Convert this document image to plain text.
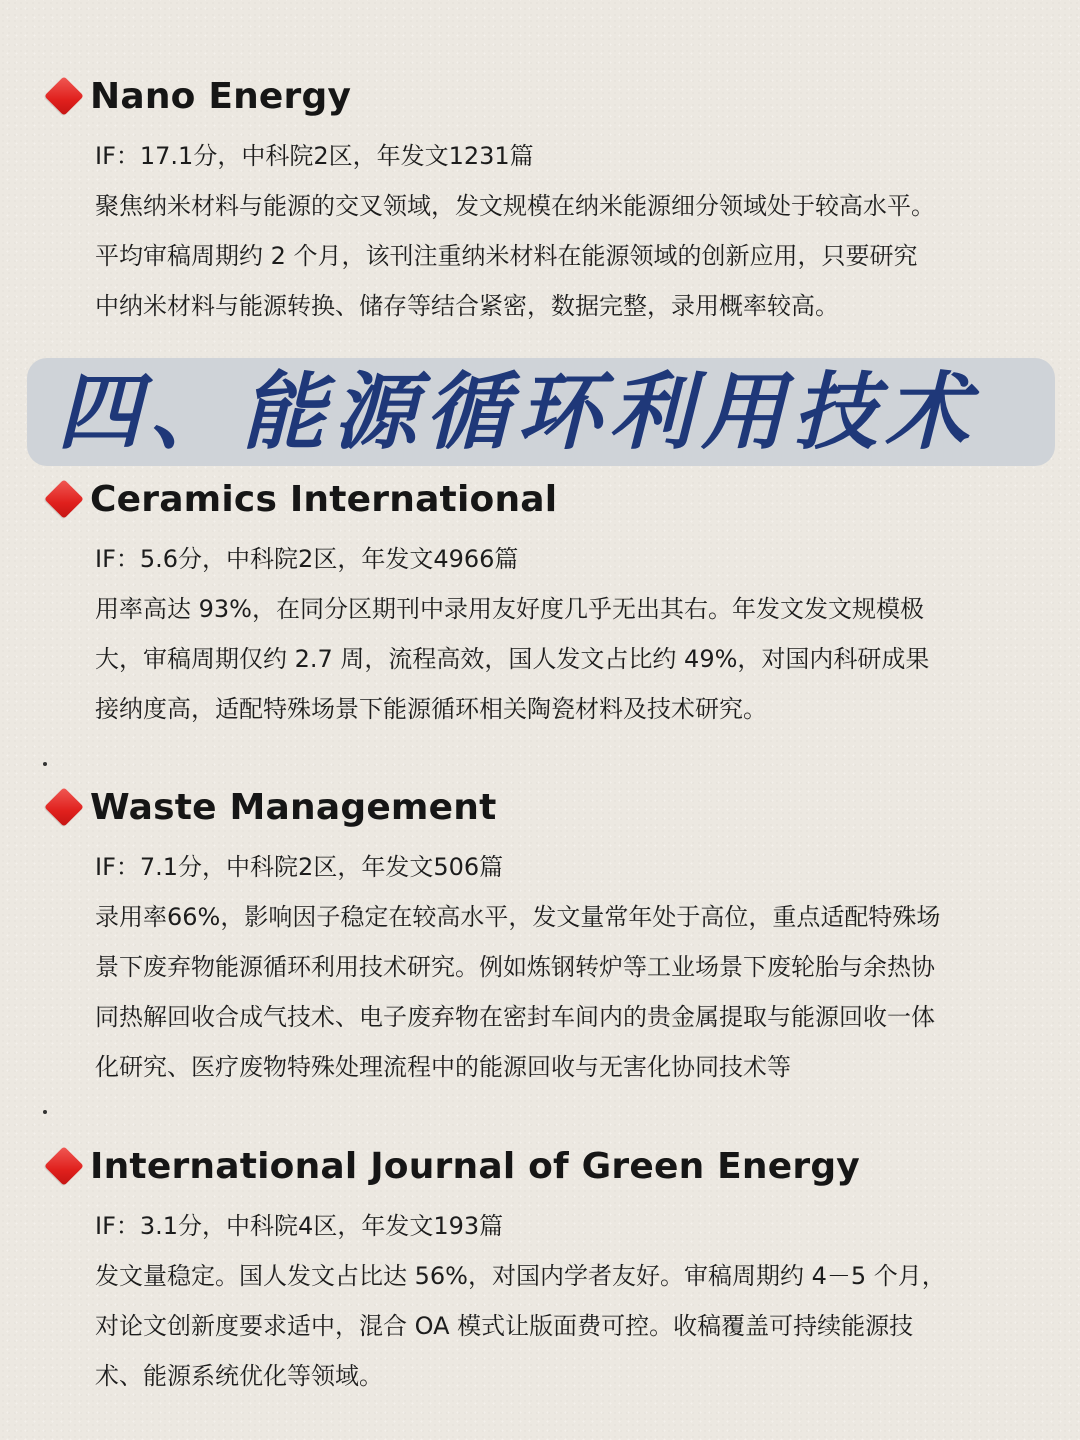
Nano Energy

IF：17.1分，中科院2区，年发文1231篇

聚焦纳米材料与能源的交叉领域，发文规模在纳米能源细分领域处于较高水平。

平均审稿周期约 2 个月，该刊注重纳米材料在能源领域的创新应用，只要研究

中纳米材料与能源转换、储存等结合紧密，数据完整，录用概率较高。

四、能源循环利用技术
Ceramics International

IF：5.6分，中科院2区，年发文4966篇

用率高达 93%，在同分区期刊中录用友好度几乎无出其右。年发文发文规模极

大，审稿周期仅约 2.7 周，流程高效，国人发文占比约 49%，对国内科研成果

接纳度高，适配特殊场景下能源循环相关陶瓷材料及技术研究。

Waste Management

IF：7.1分，中科院2区，年发文506篇

录用率66%，影响因子稳定在较高水平，发文量常年处于高位，重点适配特殊场

景下废弃物能源循环利用技术研究。例如炼钢转炉等工业场景下废轮胎与余热协

同热解回收合成气技术、电子废弃物在密封车间内的贵金属提取与能源回收一体

化研究、医疗废物特殊处理流程中的能源回收与无害化协同技术等

International Journal of Green Energy

IF：3.1分，中科院4区，年发文193篇

发文量稳定。国人发文占比达 56%，对国内学者友好。审稿周期约 4－5 个月，

对论文创新度要求适中，混合 OA 模式让版面费可控。收稿覆盖可持续能源技

术、能源系统优化等领域。
